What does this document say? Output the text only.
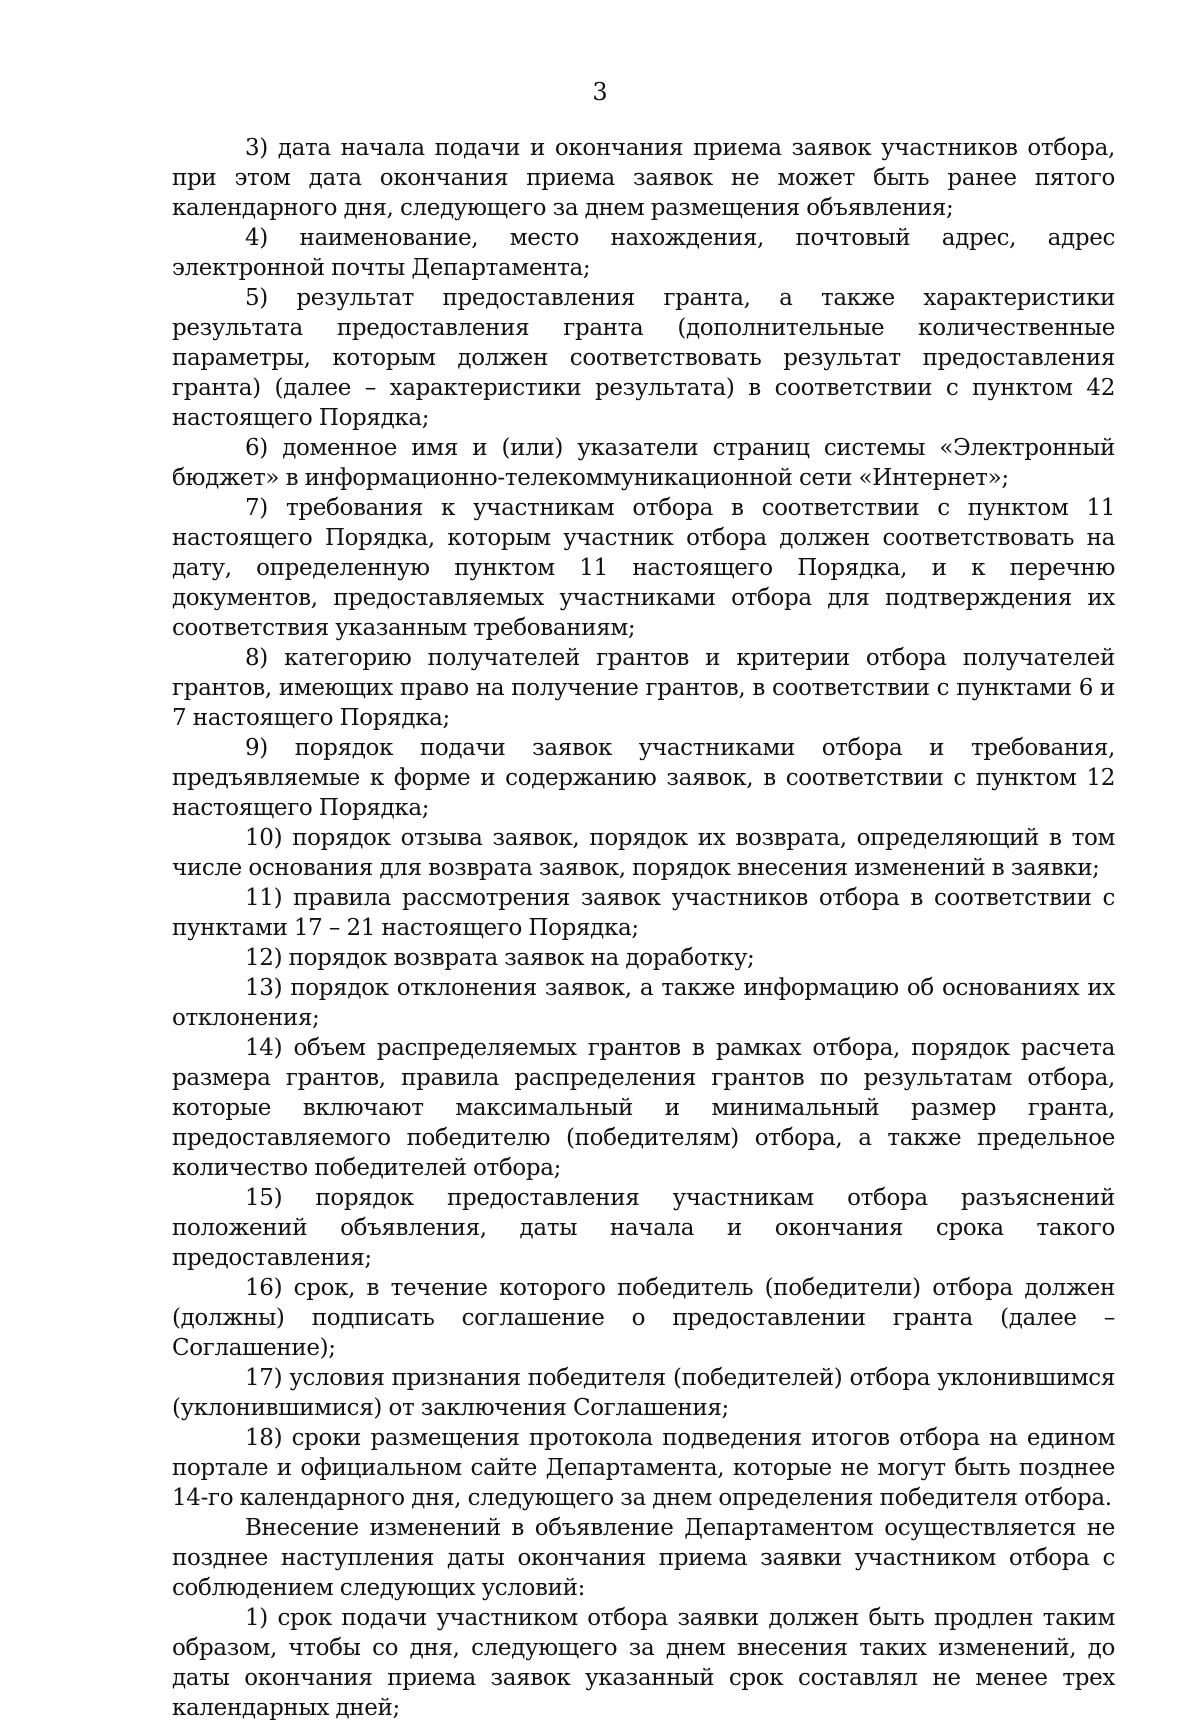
3

3) дата начала подачи и окончания приема заявок участников отбора, при этом дата окончания приема заявок не может быть ранее пятого календарного дня, следующего за днем размещения объявления;

4) наименование, место нахождения, почтовый адрес, адрес электронной почты Департамента;

5) результат предоставления гранта, а также характеристики результата предоставления гранта (дополнительные количественные параметры, которым должен соответствовать результат предоставления гранта) (далее – характеристики результата) в соответствии с пунктом 42 настоящего Порядка;

6) доменное имя и (или) указатели страниц системы «Электронный бюджет» в информационно-телекоммуникационной сети «Интернет»;

7) требования к участникам отбора в соответствии с пунктом 11 настоящего Порядка, которым участник отбора должен соответствовать на дату, определенную пунктом 11 настоящего Порядка, и к перечню документов, предоставляемых участниками отбора для подтверждения их соответствия указанным требованиям;

8) категорию получателей грантов и критерии отбора получателей грантов, имеющих право на получение грантов, в соответствии с пунктами 6 и 7 настоящего Порядка;

9) порядок подачи заявок участниками отбора и требования, предъявляемые к форме и содержанию заявок, в соответствии с пунктом 12 настоящего Порядка;

10) порядок отзыва заявок, порядок их возврата, определяющий в том числе основания для возврата заявок, порядок внесения изменений в заявки;

11) правила рассмотрения заявок участников отбора в соответствии с пунктами 17 – 21 настоящего Порядка;

12) порядок возврата заявок на доработку;

13) порядок отклонения заявок, а также информацию об основаниях их отклонения;

14) объем распределяемых грантов в рамках отбора, порядок расчета размера грантов, правила распределения грантов по результатам отбора, которые включают максимальный и минимальный размер гранта, предоставляемого победителю (победителям) отбора, а также предельное количество победителей отбора;

15) порядок предоставления участникам отбора разъяснений положений объявления, даты начала и окончания срока такого предоставления;

16) срок, в течение которого победитель (победители) отбора должен (должны) подписать соглашение о предоставлении гранта (далее – Соглашение);

17) условия признания победителя (победителей) отбора уклонившимся (уклонившимися) от заключения Соглашения;

18) сроки размещения протокола подведения итогов отбора на едином портале и официальном сайте Департамента, которые не могут быть позднее 14-го календарного дня, следующего за днем определения победителя отбора.

Внесение изменений в объявление Департаментом осуществляется не позднее наступления даты окончания приема заявки участником отбора с соблюдением следующих условий:

1) срок подачи участником отбора заявки должен быть продлен таким образом, чтобы со дня, следующего за днем внесения таких изменений, до даты окончания приема заявок указанный срок составлял не менее трех календарных дней;
